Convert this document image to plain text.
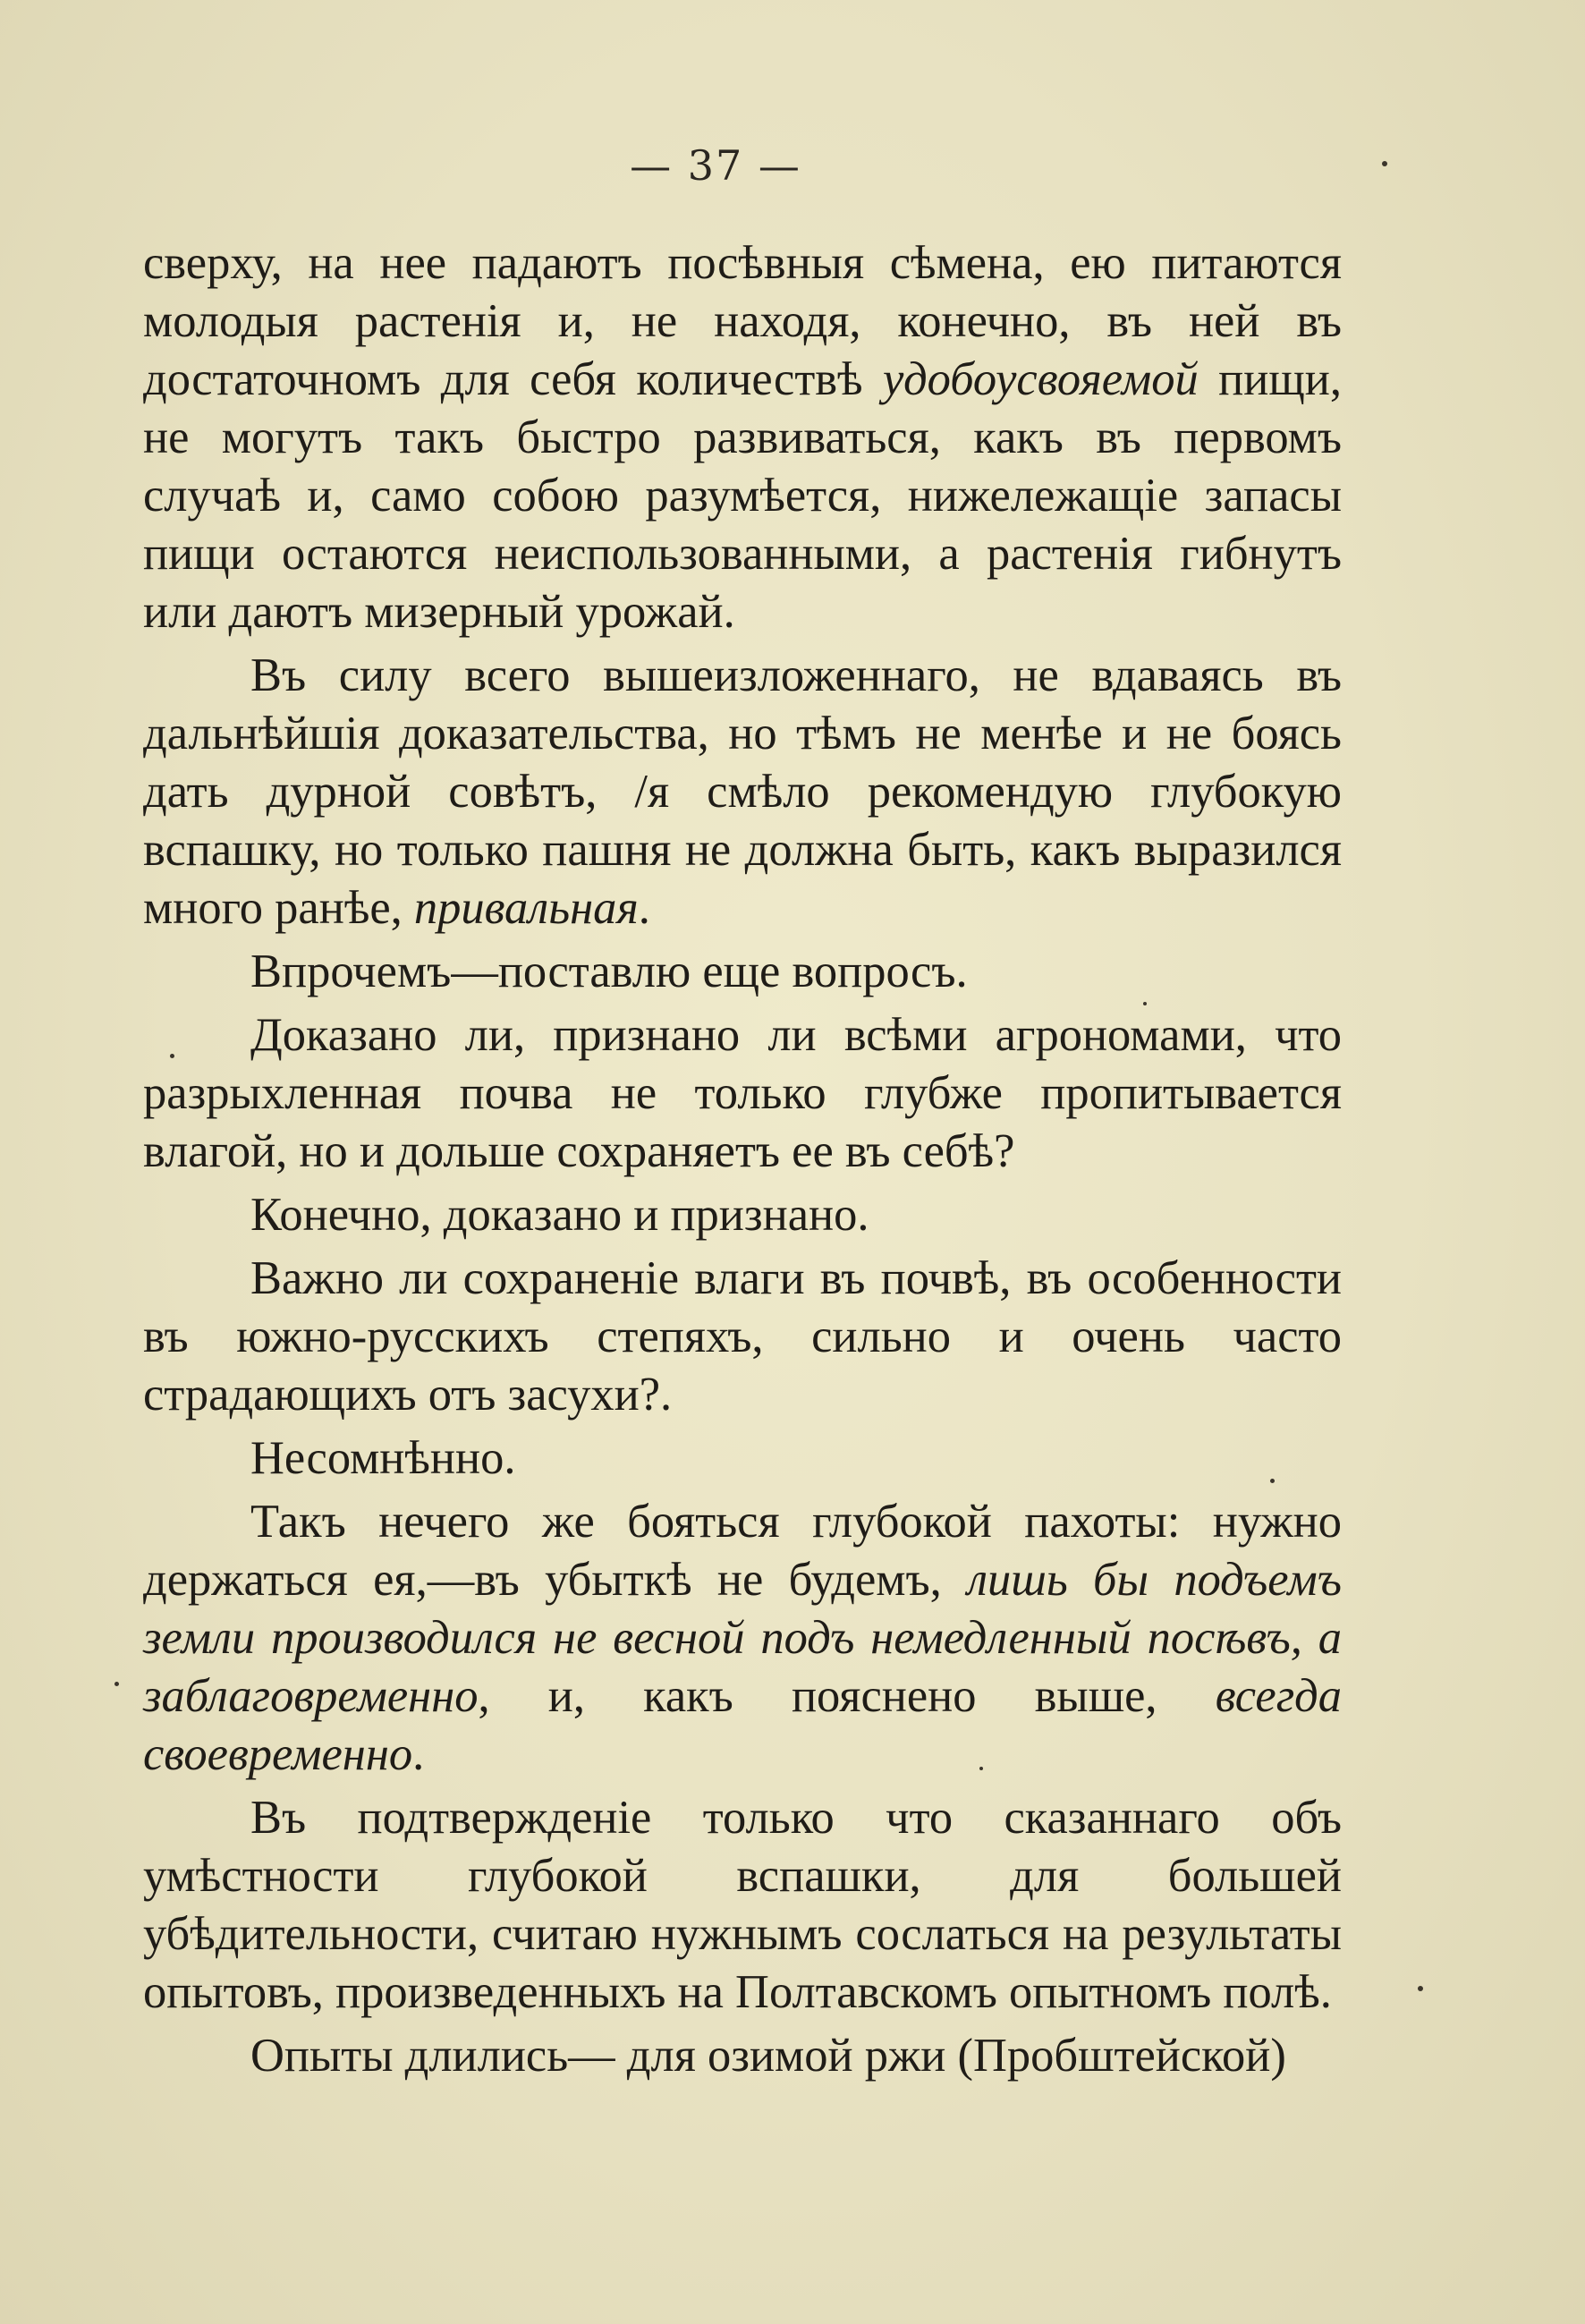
— 37 —

сверху, на нее падаютъ посѣвныя сѣмена, ею питаются молодыя растенія и, не находя, конечно, въ ней въ достаточномъ для себя количествѣ удобоусвояемой пищи, не могутъ такъ быстро развиваться, какъ въ первомъ случаѣ и, само собою разумѣется, нижележащіе запасы пищи остаются неиспользованными, а растенія гибнутъ или даютъ мизерный урожай.

Въ силу всего вышеизложеннаго, не вдаваясь въ дальнѣйшія доказательства, но тѣмъ не менѣе и не боясь дать дурной совѣтъ, /я смѣло рекомендую глубокую вспашку, но только пашня не должна быть, какъ выразился много ранѣе, привальная.

Впрочемъ—поставлю еще вопросъ.

Доказано ли, признано ли всѣми агрономами, что разрыхленная почва не только глубже пропитывается влагой, но и дольше сохраняетъ ее въ себѣ?

Конечно, доказано и признано.

Важно ли сохраненіе влаги въ почвѣ, въ особенности въ южно-русскихъ степяхъ, сильно и очень часто страдающихъ отъ засухи?.

Несомнѣнно.

Такъ нечего же бояться глубокой пахоты: нужно держаться ея,—въ убыткѣ не будемъ, лишь бы подъемъ земли производился не весной подъ немедленный посѣвъ, а заблаговременно, и, какъ пояснено выше, всегда своевременно.

Въ подтвержденіе только что сказаннаго объ умѣстности глубокой вспашки, для большей убѣдительности, считаю нужнымъ сослаться на результаты опытовъ, произведенныхъ на Полтавскомъ опытномъ полѣ.

Опыты длились— для озимой ржи (Пробштейской)
